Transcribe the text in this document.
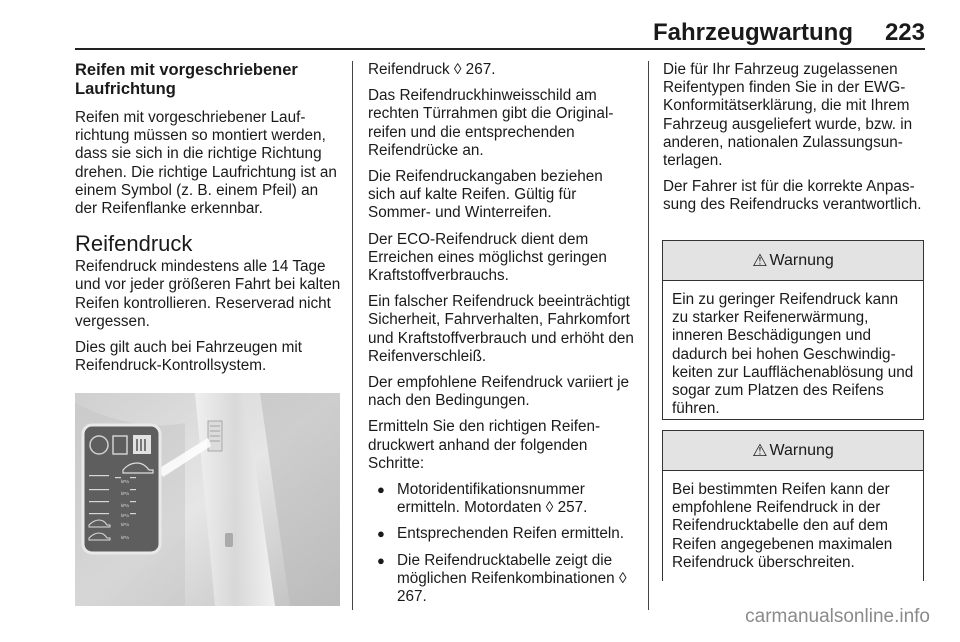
Fahrzeugwartung 223
Reifen mit vorgeschriebener Laufrichtung

Reifen mit vorgeschriebener Laufrichtung müssen so montiert werden, dass sie sich in die richtige Richtung drehen. Die richtige Laufrichtung ist an einem Symbol (z. B. einem Pfeil) an der Reifenflanke erkennbar.

Reifendruck

Reifendruck mindestens alle 14 Tage und vor jeder größeren Fahrt bei kalten Reifen kontrollieren. Reserverad nicht vergessen.

Dies gilt auch bei Fahrzeugen mit Reifendruck-Kontrollsystem.

kPa
kPa
kPa
kPa
kPa
kPa

Reifendruck ◊ 267.

Das Reifendruckhinweisschild am rechten Türrahmen gibt die Originalreifen und die entsprechenden Reifendrücke an.

Die Reifendruckangaben beziehen sich auf kalte Reifen. Gültig für Sommer- und Winterreifen.

Der ECO-Reifendruck dient dem Erreichen eines möglichst geringen Kraftstoffverbrauchs.

Ein falscher Reifendruck beeinträchtigt Sicherheit, Fahrverhalten, Fahrkomfort und Kraftstoffverbrauch und erhöht den Reifenverschleiß.

Der empfohlene Reifendruck variiert je nach den Bedingungen.

Ermitteln Sie den richtigen Reifendruckwert anhand der folgenden Schritte:

● Motoridentifikationsnummer ermitteln. Motordaten ◊ 257.
● Entsprechenden Reifen ermitteln.
● Die Reifendrucktabelle zeigt die möglichen Reifenkombinationen ◊ 267.

Die für Ihr Fahrzeug zugelassenen Reifentypen finden Sie in der EWG-Konformitätserklärung, die mit Ihrem Fahrzeug ausgeliefert wurde, bzw. in anderen, nationalen Zulassungsunterlagen.

Der Fahrer ist für die korrekte Anpassung des Reifendrucks verantwortlich.

⚠ Warnung
Ein zu geringer Reifendruck kann zu starker Reifenerwärmung, inneren Beschädigungen und dadurch bei hohen Geschwindigkeiten zur Laufflächenablösung und sogar zum Platzen des Reifens führen.
⚠ Warnung
Bei bestimmten Reifen kann der empfohlene Reifendruck in der Reifendrucktabelle den auf dem Reifen angegebenen maximalen Reifendruck überschreiten.
carmanualsonline.info
